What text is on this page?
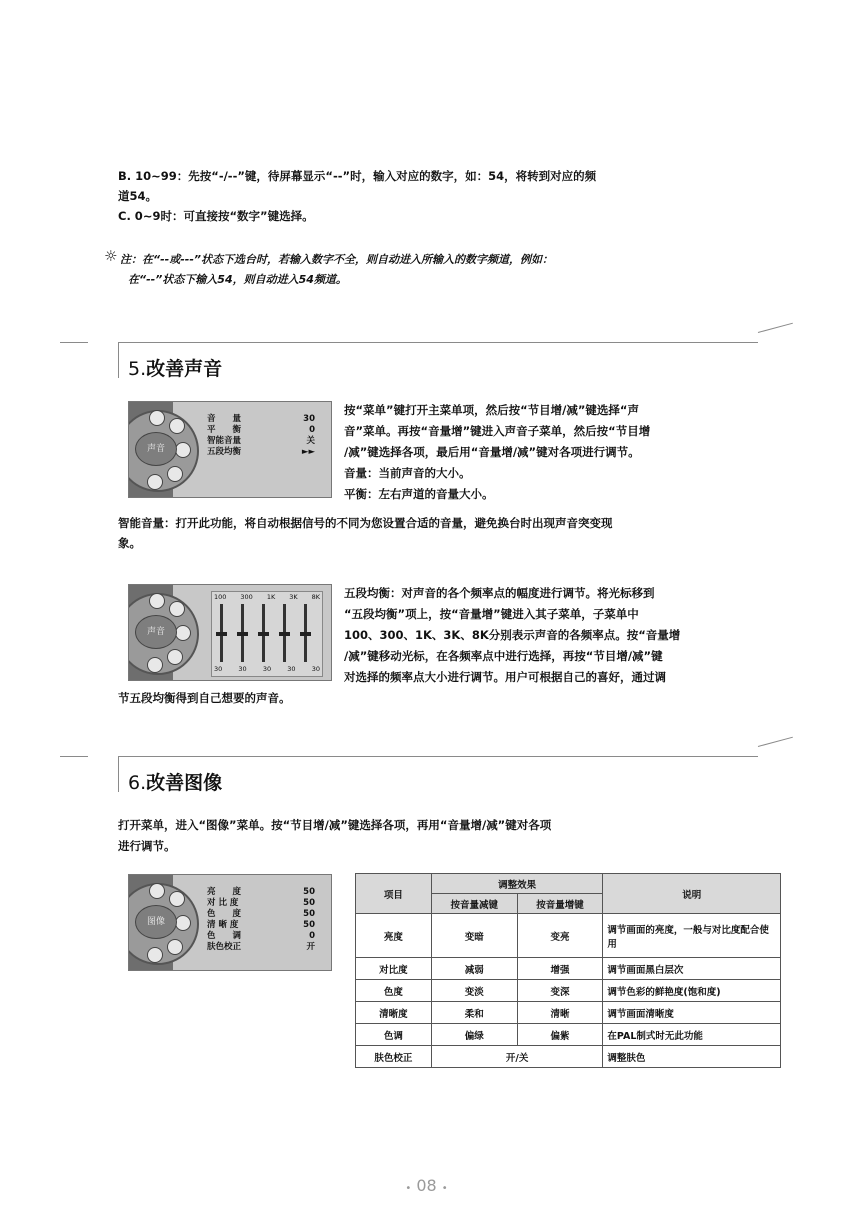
B. 10~99：先按“-/--”键，待屏幕显示“--”时，输入对应的数字，如：54，将转到对应的频

道54。

C. 0~9时：可直接按“数字”键选择。

☼ 注：在“--或---”状态下选台时，若输入数字不全，则自动进入所输入的数字频道，例如：

在“--”状态下输入54，则自动进入54频道。

5.改善声音
声音
音　　量	30
平　　衡	0
智能音量	关
五段均衡	►►

按“菜单”键打开主菜单项，然后按“节目增/减”键选择“声

音”菜单。再按“音量增”键进入声音子菜单，然后按“节目增

/减”键选择各项，最后用“音量增/减”键对各项进行调节。

音量：当前声音的大小。

平衡：左右声道的音量大小。

智能音量：打开此功能，将自动根据信号的不同为您设置合适的音量，避免换台时出现声音突变现

象。

声音
100 300 1K 3K 8K
30 30 30 30 30

五段均衡：对声音的各个频率点的幅度进行调节。将光标移到

“五段均衡”项上，按“音量增”键进入其子菜单，子菜单中

100、300、1K、3K、8K分别表示声音的各频率点。按“音量增

/减”键移动光标，在各频率点中进行选择，再按“节目增/减”键

对选择的频率点大小进行调节。用户可根据自己的喜好，通过调

节五段均衡得到自己想要的声音。

6.改善图像

打开菜单，进入“图像”菜单。按“节目增/减”键选择各项，再用“音量增/减”键对各项

进行调节。

图像
亮　　度	50
对 比 度	50
色　　度	50
清 晰 度	50
色　　调	0
肤色校正	开
项目	调整效果		说明
	按音量减键	按音量增键	
亮度	变暗	变亮	调节画面的亮度，一般与对比度配合使用
对比度	减弱	增强	调节画面黑白层次
色度	变淡	变深	调节色彩的鲜艳度(饱和度)
清晰度	柔和	清晰	调节画面清晰度
色调	偏绿	偏紫	在PAL制式时无此功能
肤色校正	开/关		调整肤色
• 08 •
